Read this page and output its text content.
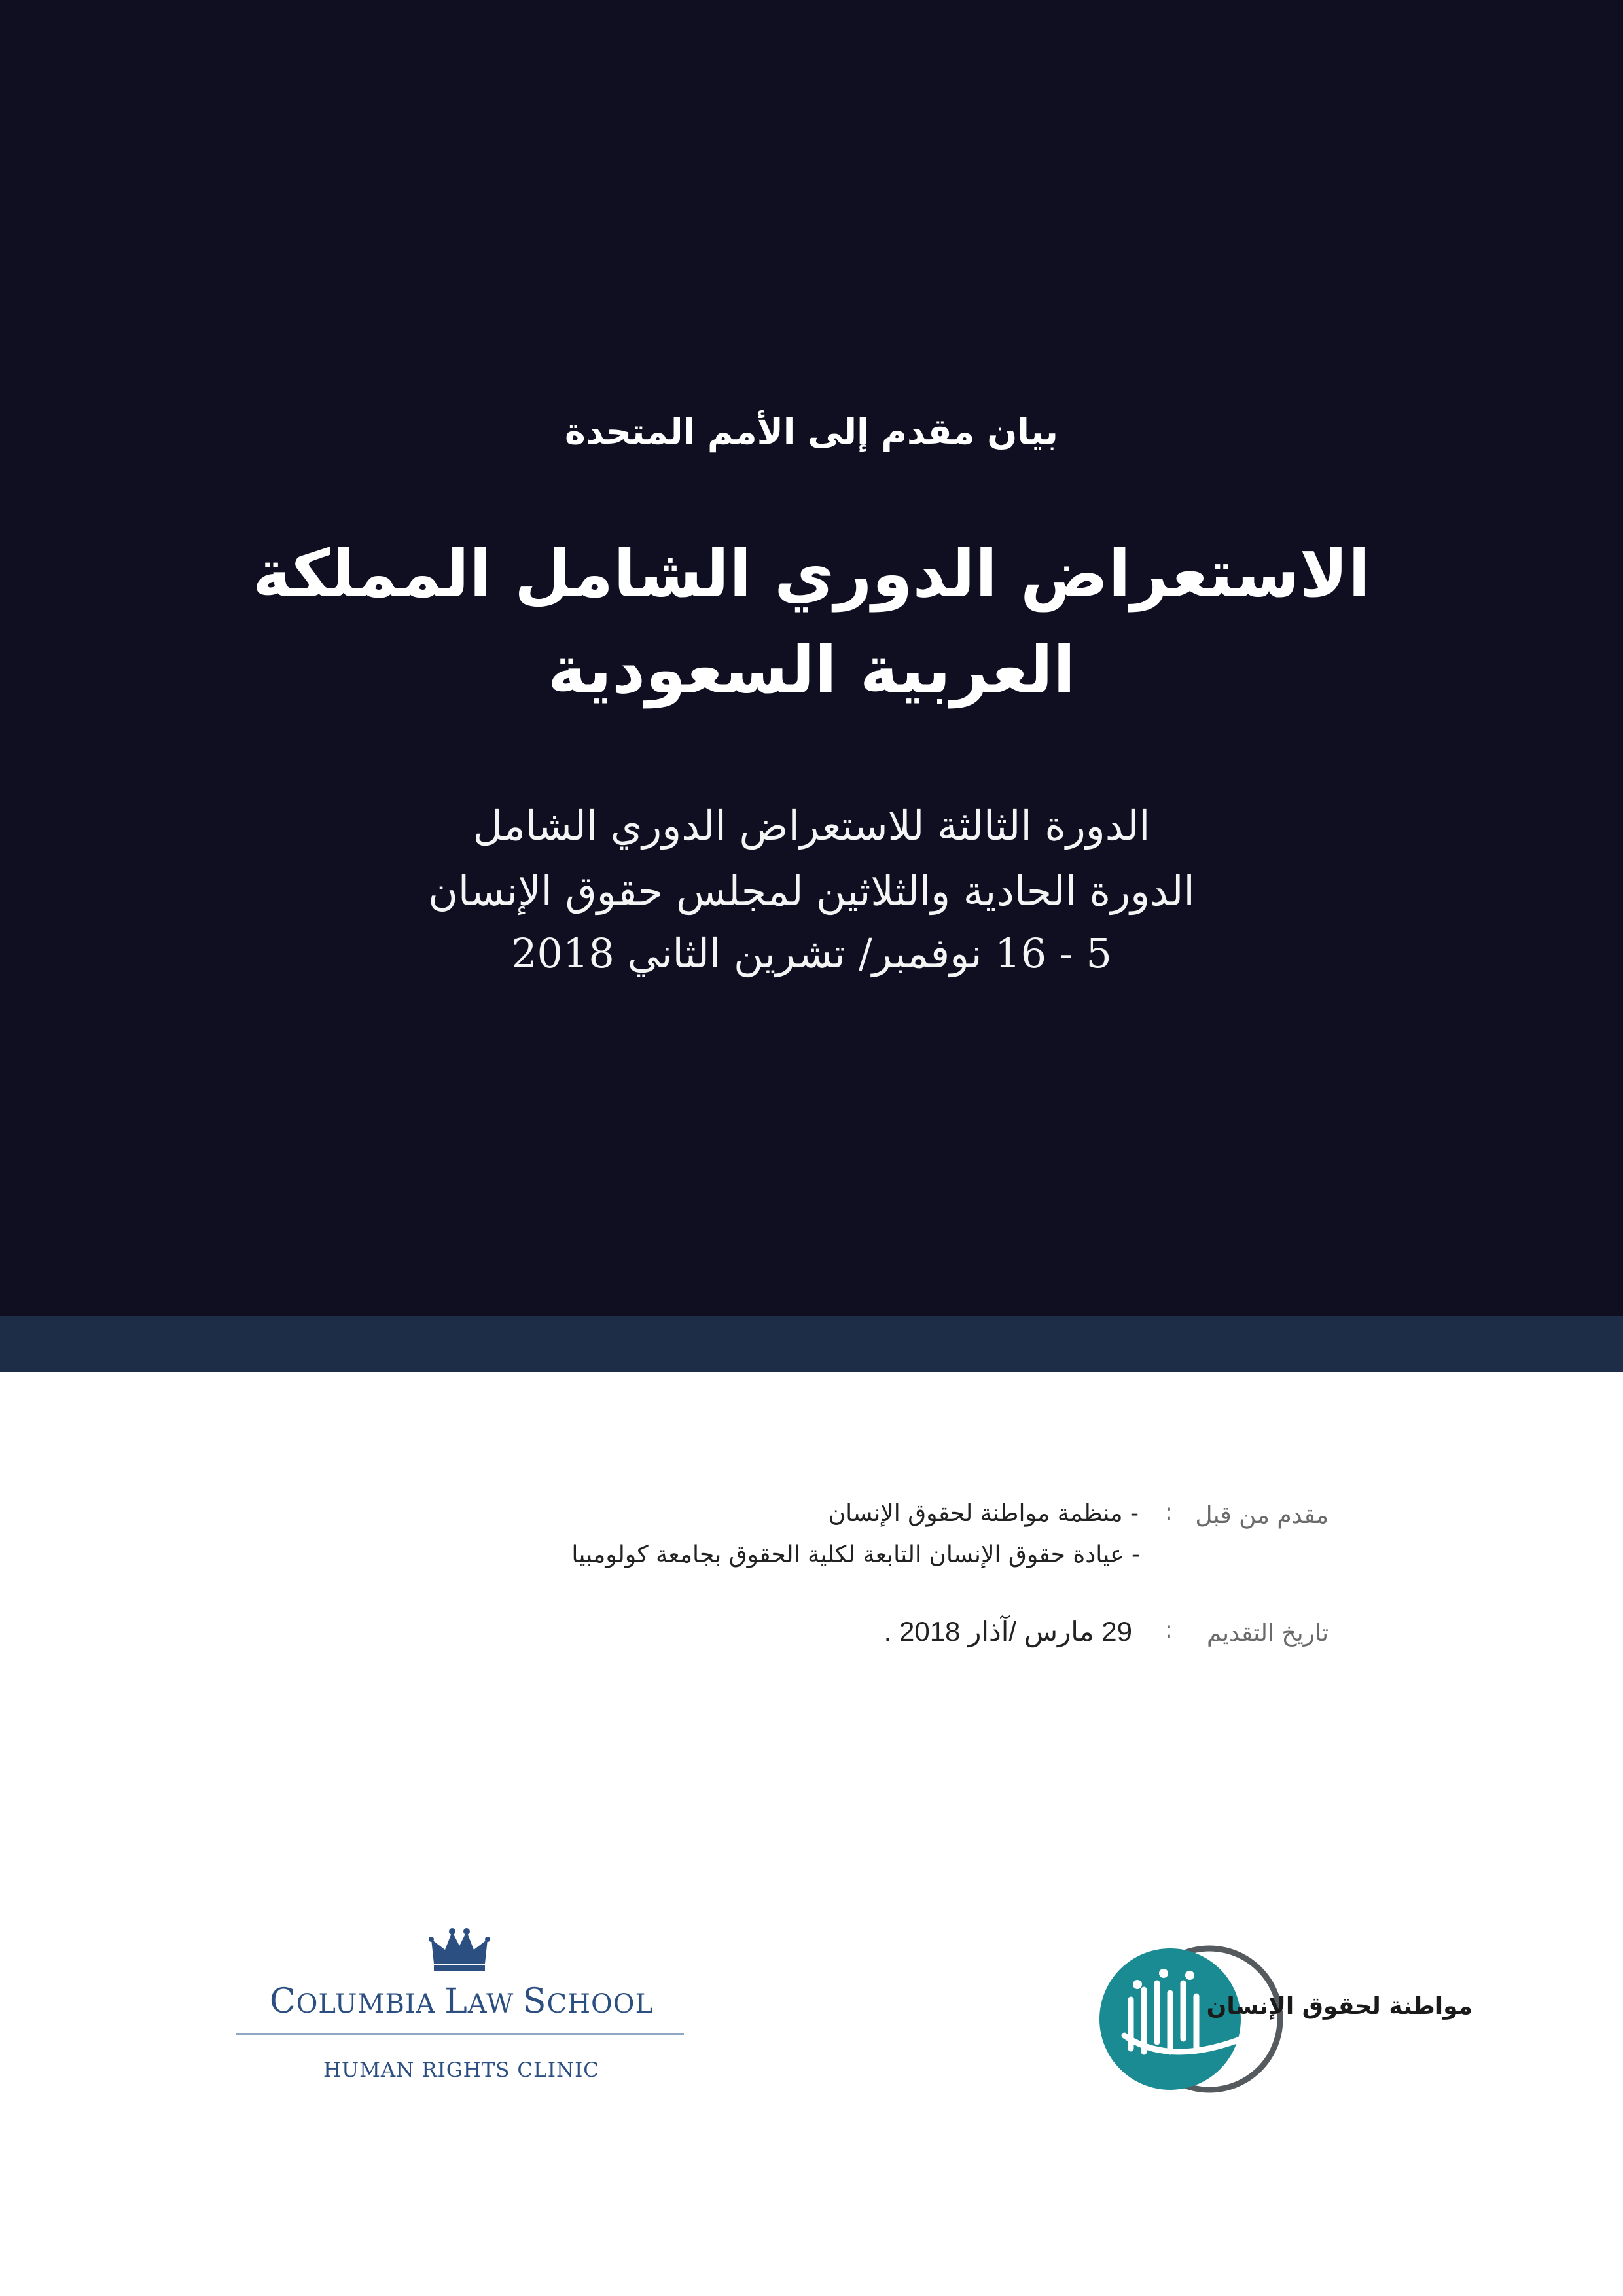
بيان مقدم إلى الأمم المتحدة
الاستعراض الدوري الشامل المملكة
العربية السعودية
الدورة الثالثة للاستعراض الدوري الشامل
الدورة الحادية والثلاثين لمجلس حقوق الإنسان
5 - 16 نوفمبر/ تشرين الثاني 2018
مقدم من قبل
:
- منظمة مواطنة لحقوق الإنسان
- عيادة حقوق الإنسان التابعة لكلية الحقوق بجامعة كولومبيا
تاريخ التقديم
:
29 مارس /آذار 2018 .
مواطنة لحقوق الإنسان
COLUMBIA LAW SCHOOL
HUMAN RIGHTS CLINIC
